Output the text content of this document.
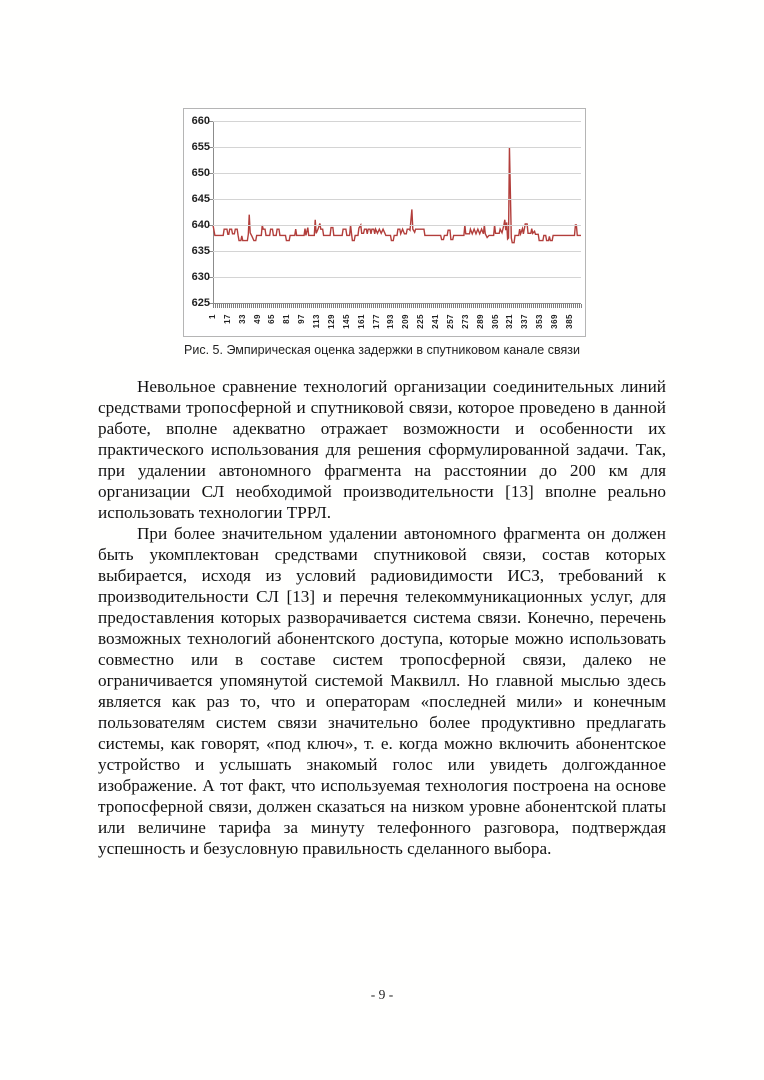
660
655
650
645
640
635
630
625
1 17 33 49 65 81 97 113 129 145 161 177 193 209 225 241 257 273 289 305 321 337 353 369 385
Рис. 5. Эмпирическая оценка задержки в спутниковом канале связи

Невольное сравнение технологий организации соединительных линий средствами тропосферной и спутниковой связи, которое проведено в данной работе, вполне адекватно отражает возможности и особенности их практического использования для решения сформулированной задачи. Так, при удалении автономного фрагмента на расстоянии до 200 км для организации СЛ необходимой производительности [13] вполне реально использовать технологии ТРРЛ.

При более значительном удалении автономного фрагмента он должен быть укомплектован средствами спутниковой связи, состав которых выбирается, исходя из условий радиовидимости ИСЗ, требований к производительности СЛ [13] и перечня телекоммуникационных услуг, для предоставления которых разворачивается система связи. Конечно, перечень возможных технологий абонентского доступа, которые можно использовать совместно или в составе систем тропосферной связи, далеко не ограничивается упомянутой системой Маквилл. Но главной мыслью здесь является как раз то, что и операторам «последней мили» и конечным пользователям систем связи значительно более продуктивно предлагать системы, как говорят, «под ключ», т. е. когда можно включить абонентское устройство и услышать знакомый голос или увидеть долгожданное изображение. А тот факт, что используемая технология построена на основе тропосферной связи, должен сказаться на низком уровне абонентской платы или величине тарифа за минуту телефонного разговора, подтверждая успешность и безусловную правильность сделанного выбора.

- 9 -
